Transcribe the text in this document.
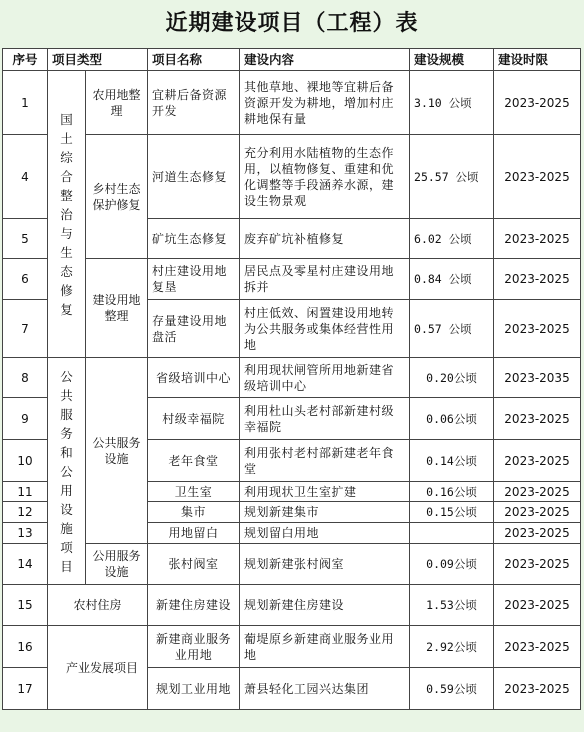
近期建设项目（工程）表
序号	项目类型		项目名称	建设内容	建设规模	建设时限
1	国土综合整治与生态修复	农用地整理	宜耕后备资源开发	其他草地、裸地等宜耕后备资源开发为耕地，增加村庄耕地保有量	3.10 公顷	2023-2025
4		乡村生态保护修复	河道生态修复	充分利用水陆植物的生态作用，以植物修复、重建和优化调整等手段涵养水源，建设生物景观	25.57 公顷	2023-2025
5			矿坑生态修复	废弃矿坑补植修复	6.02 公顷	2023-2025
6		建设用地整理	村庄建设用地复垦	居民点及零星村庄建设用地拆并	0.84 公顷	2023-2025
7			存量建设用地盘活	村庄低效、闲置建设用地转为公共服务或集体经营性用地	0.57 公顷	2023-2025
8	公共服务和公用设施项目	公共服务设施	省级培训中心	利用现状闸管所用地新建省级培训中心	0.20公顷	2023-2035
9			村级幸福院	利用杜山头老村部新建村级幸福院	0.06公顷	2023-2025
10			老年食堂	利用张村老村部新建老年食堂	0.14公顷	2023-2025
11			卫生室	利用现状卫生室扩建	0.16公顷	2023-2025
12			集市	规划新建集市	0.15公顷	2023-2025
13			用地留白	规划留白用地		2023-2025
14		公用服务设施	张村阀室	规划新建张村阀室	0.09公顷	2023-2025
15	农村住房		新建住房建设	规划新建住房建设	1.53公顷	2023-2025
16	产业发展项目		新建商业服务业用地	葡堤原乡新建商业服务业用地	2.92公顷	2023-2025
17			规划工业用地	萧县轻化工园兴达集团	0.59公顷	2023-2025
